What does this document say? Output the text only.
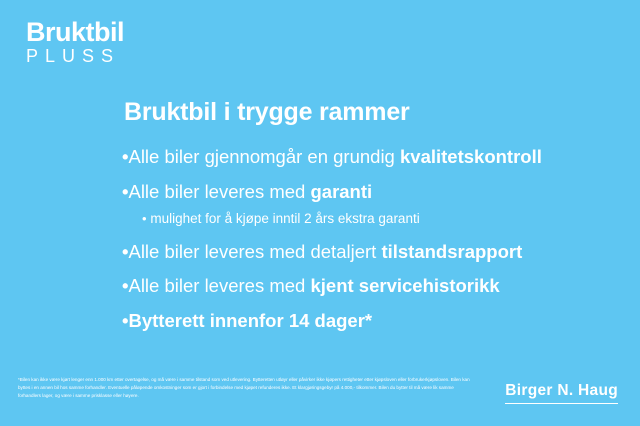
Bruktbil
PLUSS
Bruktbil i trygge rammer
•Alle biler gjennomgår en grundig kvalitetskontroll
•Alle biler leveres med garanti
• mulighet for å kjøpe inntil 2 års ekstra garanti
•Alle biler leveres med detaljert tilstandsrapport
•Alle biler leveres med kjent servicehistorikk
•Bytterett innenfor 14 dager*
*Bilen kan ikke være kjørt lenger enn 1.000 km etter overtagelse, og må være i samme tilstand som ved utlevering. Bytteretten utløyr eller påvirker ikke kjøpers rettigheter etter kjøpsloven eller forbrukerkjøpsloven. Bilen kan byttes i en annen bil hos samme forhandler. Eventuelle påløpende omkostninger som er gjort i forbindelse med kjøpet refunderes ikke. Et klargjøringsgebyr på 4.000,- tilkommer. Bilen du bytter til må være lik samme forhandlers lager, og være i samme prisklasse eller høyere.	Birger N. Haug
